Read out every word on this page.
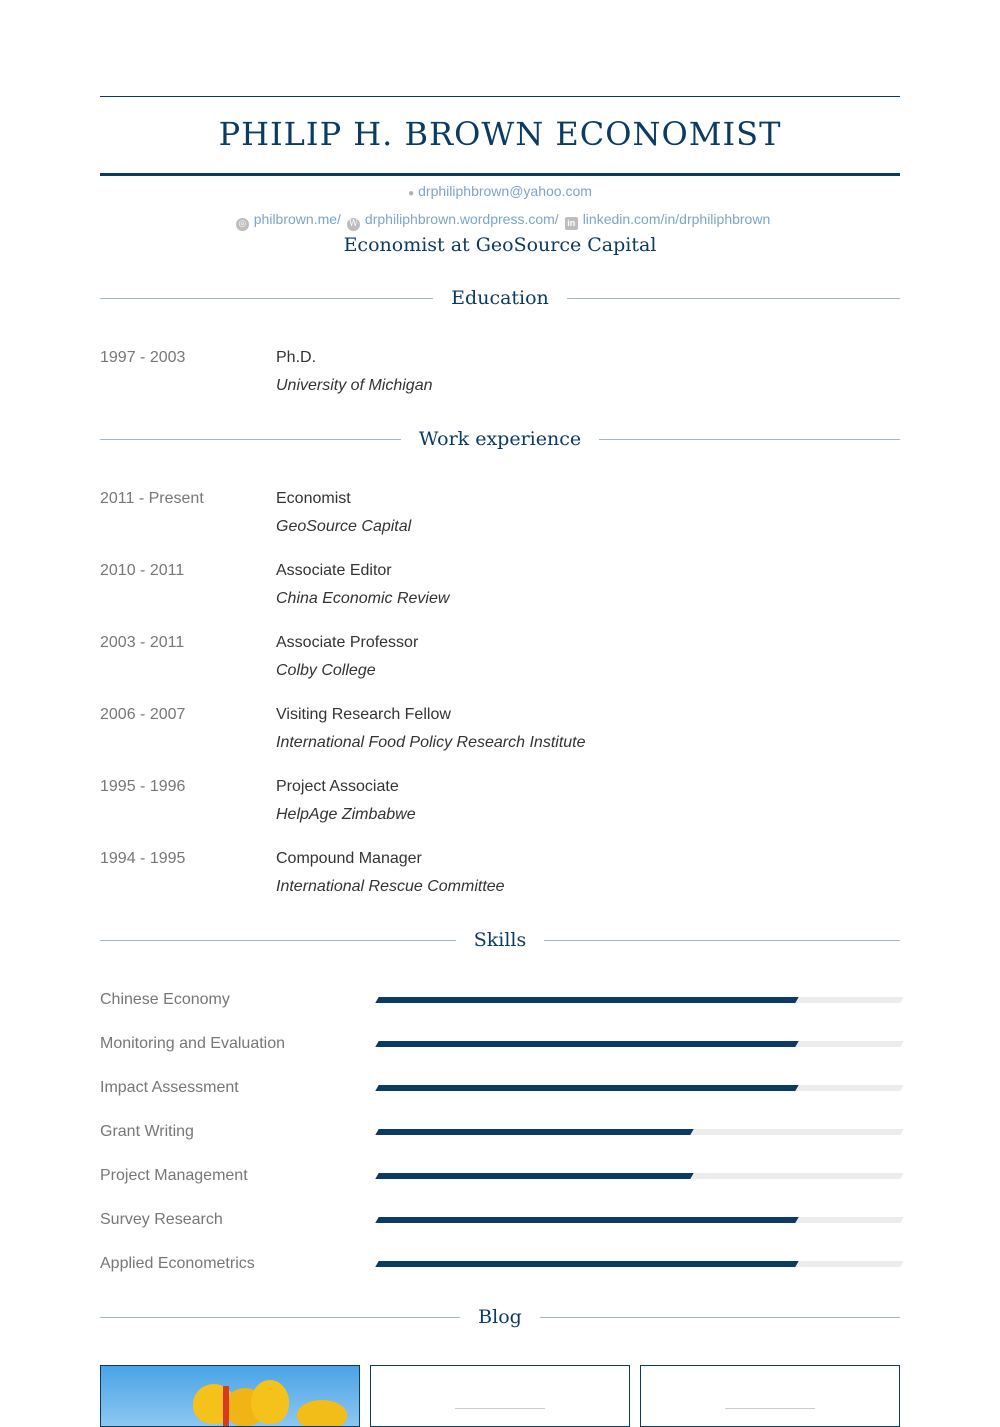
PHILIP H. BROWN ECONOMIST
● drphiliphbrown@yahoo.com
◎ philbrown.me/ W drphiliphbrown.wordpress.com/ in linkedin.com/in/drphiliphbrown
Economist at GeoSource Capital
Education
1997 - 2003	Ph.D.
University of Michigan
Work experience
2011 - Present	Economist
GeoSource Capital
2010 - 2011	Associate Editor
China Economic Review
2003 - 2011	Associate Professor
Colby College
2006 - 2007	Visiting Research Fellow
International Food Policy Research Institute
1995 - 1996	Project Associate
HelpAge Zimbabwe
1994 - 1995	Compound Manager
International Rescue Committee
Skills
Chinese Economy
Monitoring and Evaluation
Impact Assessment
Grant Writing
Project Management
Survey Research
Applied Econometrics
Blog
